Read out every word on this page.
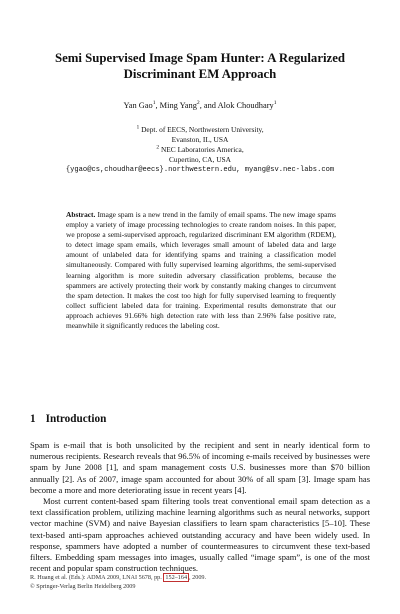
Semi Supervised Image Spam Hunter: A Regularized Discriminant EM Approach
Yan Gao$^1$, Ming Yang$^2$, and Alok Choudhary$^1$
$^1$ Dept. of EECS, Northwestern University,
Evanston, IL, USA
$^2$ NEC Laboratories America,
Cupertino, CA, USA
{ygao@cs,choudhar@eecs}.northwestern.edu, myang@sv.nec-labs.com
Abstract. Image spam is a new trend in the family of email spams. The new image spams employ a variety of image processing technologies to create random noises. In this paper, we propose a semi-supervised approach, regularized discriminant EM algorithm (RDEM), to detect image spam emails, which leverages small amount of labeled data and large amount of unlabeled data for identifying spams and training a classification model simultaneously. Compared with fully supervised learning algorithms, the semi-supervised learning algorithm is more suitedin adversary classification problems, because the spammers are actively protecting their work by constantly making changes to circumvent the spam detection. It makes the cost too high for fully supervised learning to frequently collect sufficient labeled data for training. Experimental results demonstrate that our approach achieves 91.66% high detection rate with less than 2.96% false positive rate, meanwhile it significantly reduces the labeling cost.
1 Introduction

Spam is e-mail that is both unsolicited by the recipient and sent in nearly identical form to numerous recipients. Research reveals that 96.5% of incoming e-mails received by businesses were spam by June 2008 [1], and spam management costs U.S. businesses more than $70 billion annually [2]. As of 2007, image spam accounted for about 30% of all spam [3]. Image spam has become a more and more deteriorating issue in recent years [4].

Most current content-based spam filtering tools treat conventional email spam detection as a text classification problem, utilizing machine learning algorithms such as neural networks, support vector machine (SVM) and naive Bayesian classifiers to learn spam characteristics [5–10]. These text-based anti-spam approaches achieved outstanding accuracy and have been widely used. In response, spammers have adopted a number of countermeasures to circumvent these text-based filters. Embedding spam messages into images, usually called “image spam”, is one of the most recent and popular spam construction techniques.

R. Huang et al. (Eds.): ADMA 2009, LNAI 5678, pp. 152–164 , 2009.
© Springer-Verlag Berlin Heidelberg 2009
